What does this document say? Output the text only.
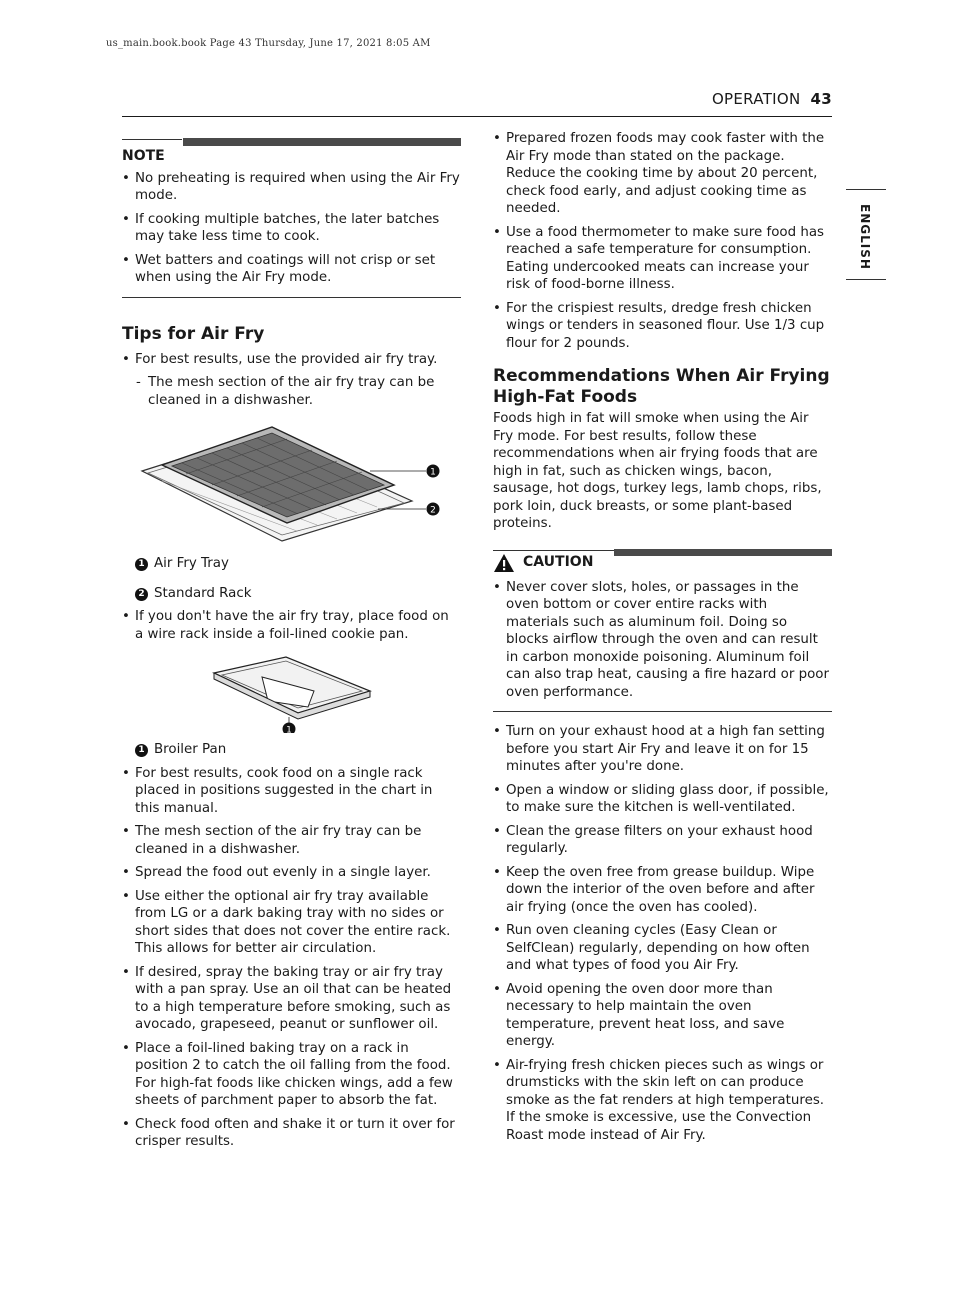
us_main.book.book Page 43 Thursday, June 17, 2021 8:05 AM
OPERATION 43
ENGLISH
NOTE
• No preheating is required when using the Air Fry mode.
• If cooking multiple batches, the later batches may take less time to cook.
• Wet batters and coatings will not crisp or set when using the Air Fry mode.
Tips for Air Fry
• For best results, use the provided air fry tray.
- The mesh section of the air fry tray can be cleaned in a dishwasher.
1
2
1 Air Fry Tray
2 Standard Rack
• If you don't have the air fry tray, place food on a wire rack inside a foil-lined cookie pan.
1
1 Broiler Pan
• For best results, cook food on a single rack placed in positions suggested in the chart in this manual.
• The mesh section of the air fry tray can be cleaned in a dishwasher.
• Spread the food out evenly in a single layer.
• Use either the optional air fry tray available from LG or a dark baking tray with no sides or short sides that does not cover the entire rack. This allows for better air circulation.
• If desired, spray the baking tray or air fry tray with a pan spray. Use an oil that can be heated to a high temperature before smoking, such as avocado, grapeseed, peanut or sunflower oil.
• Place a foil-lined baking tray on a rack in position 2 to catch the oil falling from the food. For high-fat foods like chicken wings, add a few sheets of parchment paper to absorb the fat.
• Check food often and shake it or turn it over for crisper results.
• Prepared frozen foods may cook faster with the Air Fry mode than stated on the package. Reduce the cooking time by about 20 percent, check food early, and adjust cooking time as needed.
• Use a food thermometer to make sure food has reached a safe temperature for consumption. Eating undercooked meats can increase your risk of food-borne illness.
• For the crispiest results, dredge fresh chicken wings or tenders in seasoned flour. Use 1/3 cup flour for 2 pounds.
Recommendations When Air Frying High-Fat Foods

Foods high in fat will smoke when using the Air Fry mode. For best results, follow these recommendations when air frying foods that are high in fat, such as chicken wings, bacon, sausage, hot dogs, turkey legs, lamb chops, ribs, pork loin, duck breasts, or some plant-based proteins.

CAUTION
• Never cover slots, holes, or passages in the oven bottom or cover entire racks with materials such as aluminum foil. Doing so blocks airflow through the oven and can result in carbon monoxide poisoning. Aluminum foil can also trap heat, causing a fire hazard or poor oven performance.
• Turn on your exhaust hood at a high fan setting before you start Air Fry and leave it on for 15 minutes after you're done.
• Open a window or sliding glass door, if possible, to make sure the kitchen is well-ventilated.
• Clean the grease filters on your exhaust hood regularly.
• Keep the oven free from grease buildup. Wipe down the interior of the oven before and after air frying (once the oven has cooled).
• Run oven cleaning cycles (Easy Clean or SelfClean) regularly, depending on how often and what types of food you Air Fry.
• Avoid opening the oven door more than necessary to help maintain the oven temperature, prevent heat loss, and save energy.
• Air-frying fresh chicken pieces such as wings or drumsticks with the skin left on can produce smoke as the fat renders at high temperatures. If the smoke is excessive, use the Convection Roast mode instead of Air Fry.
